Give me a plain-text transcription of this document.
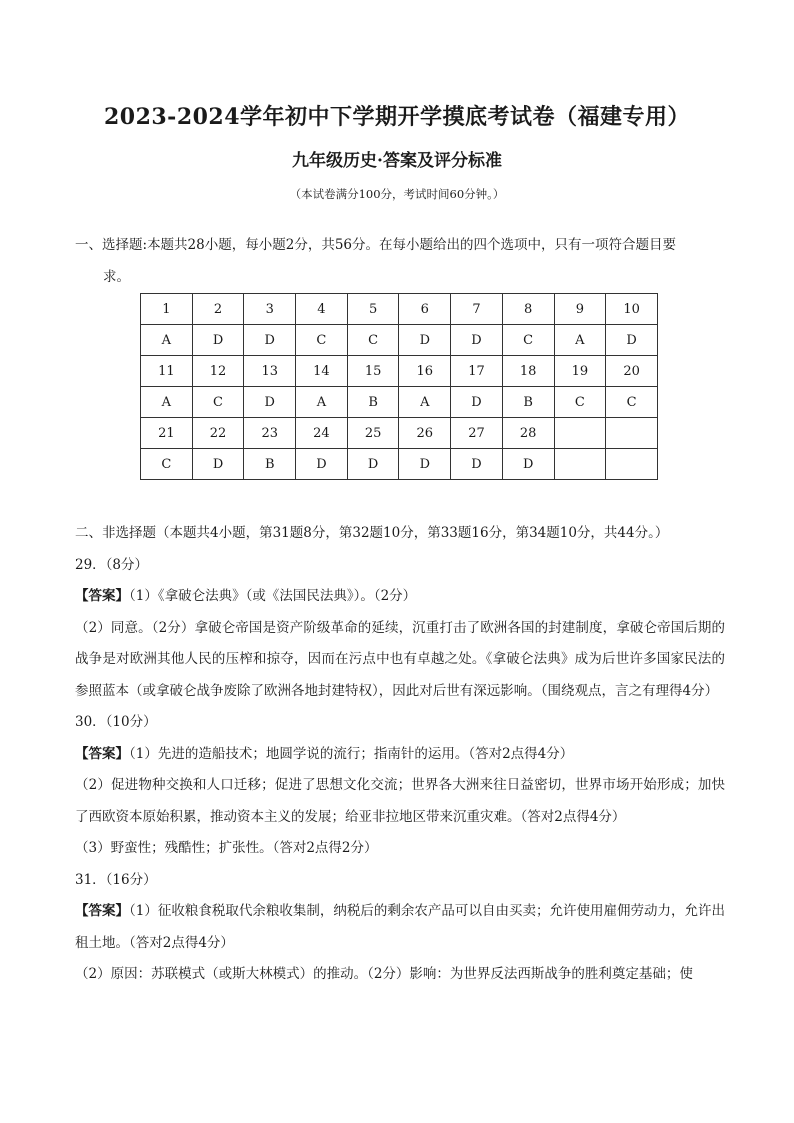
2023-2024学年初中下学期开学摸底考试卷（福建专用）
九年级历史·答案及评分标准
（本试卷满分100分，考试时间60分钟。）
一、选择题:本题共28小题，每小题2分，共56分。在每小题给出的四个选项中，只有一项符合题目要
求。
1	2	3	4	5	6	7	8	9	10
A	D	D	C	C	D	D	C	A	D
11	12	13	14	15	16	17	18	19	20
A	C	D	A	B	A	D	B	C	C
21	22	23	24	25	26	27	28		
C	D	B	D	D	D	D	D		
二、非选择题（本题共4小题，第31题8分，第32题10分，第33题16分，第34题10分，共44分。）
29．（8分）
【答案】（1）《拿破仑法典》（或《法国民法典》）。（2分）
（2）同意。（2分）拿破仑帝国是资产阶级革命的延续，沉重打击了欧洲各国的封建制度，拿破仑帝国后期的战争是对欧洲其他人民的压榨和掠夺，因而在污点中也有卓越之处。《拿破仑法典》成为后世许多国家民法的参照蓝本（或拿破仑战争废除了欧洲各地封建特权），因此对后世有深远影响。（围绕观点，言之有理得4分）
30．（10分）
【答案】（1）先进的造船技术；地圆学说的流行；指南针的运用。（答对2点得4分）
（2）促进物种交换和人口迁移；促进了思想文化交流；世界各大洲来往日益密切，世界市场开始形成；加快了西欧资本原始积累，推动资本主义的发展；给亚非拉地区带来沉重灾难。（答对2点得4分）
（3）野蛮性；残酷性；扩张性。（答对2点得2分）
31．（16分）
【答案】（1）征收粮食税取代余粮收集制，纳税后的剩余农产品可以自由买卖；允许使用雇佣劳动力，允许出租土地。（答对2点得4分）
（2）原因：苏联模式（或斯大林模式）的推动。（2分）影响：为世界反法西斯战争的胜利奠定基础；使
